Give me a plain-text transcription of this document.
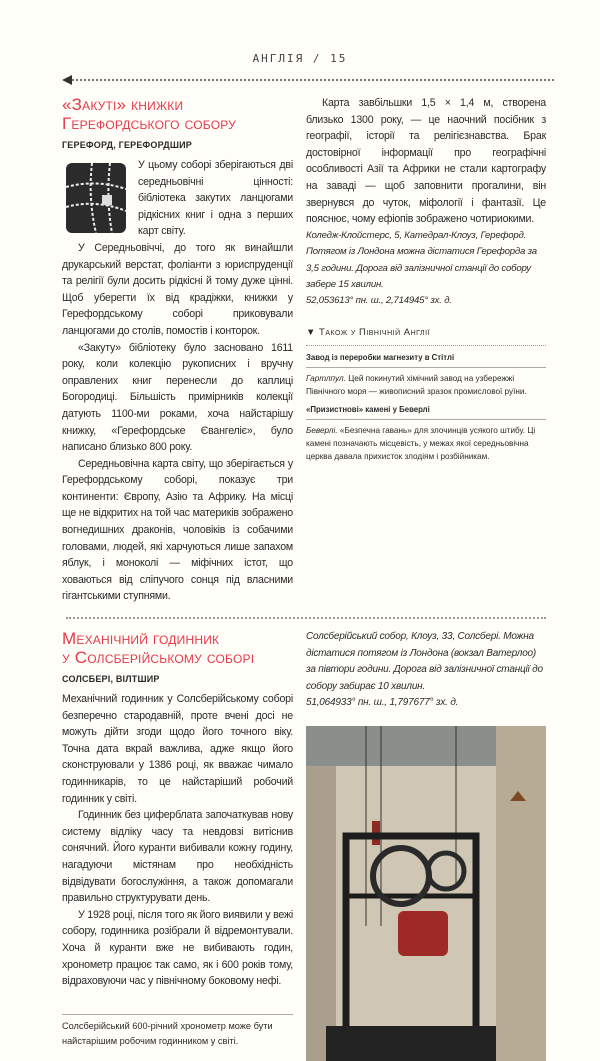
АНГЛІЯ / 15
«Закуті» книжки
Герефордського собору
ГЕРЕФОРД, ГЕРЕФОРДШИР

У цьому соборі зберігаються дві середньовічні цінності: бібліотека закутих ланцюгами рідкісних книг і одна з перших карт світу.

У Середньовіччі, до того як винайшли друкарський верстат, фоліанти з юриспруденції та релігії були досить рідкісні й тому дуже цінні. Щоб уберегти їх від крадіжки, книжки у Герефордському соборі приковували ланцюгами до столів, помостів і конторок.

«Закуту» бібліотеку було засновано 1611 року, коли колекцію рукописних і вручну оправлених книг перенесли до каплиці Богородиці. Більшість примірників колекції датують 1100-ми роками, хоча найстарішу книжку, «Герефордське Євангеліє», було написано близько 800 року.

Середньовічна карта світу, що зберігається у Герефордському соборі, показує три континенти: Європу, Азію та Африку. На місці ще не відкритих на той час материків зображено вогнедишних драконів, чоловіків із собачими головами, людей, які харчуються лише запахом яблук, і моноколі — міфічних істот, що ховаються від сліпучого сонця під власними гігантськими ступнями.

Карта завбільшки 1,5 × 1,4 м, створена близько 1300 року, — це наочний посібник з географії, історії та релігієзнавства. Брак достовірної інформації про географічні особливості Азії та Африки не стали картографу на заваді — щоб заповнити прогалини, він звернувся до чуток, міфології і фантазії. Це пояснює, чому ефіопів зображено чотириокими.

Коледж-Клойстерс, 5, Катедрал-Клоуз, Герефорд. Потягом із Лондона можна дістатися Герефорда за 3,5 години. Дорога від залізничної станції до собору забере 15 хвилин.
52,053613° пн. ш., 2,714945° зх. д.

▼ Також у Північній Англії
Завод із переробки магнезиту в Стітлі
Гартлпул. Цей покинутий хімічний завод на узбережжі Північного моря — живописний зразок промислової руїни.
«Призистнові» камені у Беверлі
Беверлі. «Безпечна гавань» для злочинців усякого штибу. Ці камені позначають місцевість, у межах якої середньовічна церква давала прихисток злодіям і розбійникам.
Механічний годинник
у Солсберійському соборі
СОЛСБЕРІ, ВІЛТШИР

Механічний годинник у Солсберійському соборі безперечно стародавній, проте вчені досі не можуть дійти згоди щодо його точного віку. Точна дата вкрай важлива, адже якщо його сконструювали у 1386 році, як вважає чимало годинникарів, то це найстаріший робочий годинник у світі.

Годинник без циферблата започаткував нову систему відліку часу та невдовзі витіснив сонячний. Його куранти вибивали кожну годину, нагадуючи містянам про необхідність відвідувати богослужіння, а також допомагали правильно структурувати день.

У 1928 році, після того як його виявили у вежі собору, годинника розібрали й відремонтували. Хоча й куранти вже не вибивають годин, хронометр працює так само, як і 600 років тому, відраховуючи час у північному боковому нефі.

Солсберійський 600-річний хронометр може бути найстарішим робочим годинником у світі.
Солсберійський собор, Клоуз, 33, Солсбері. Можна дістатися потягом із Лондона (вокзал Ватерлоо) за півтори години. Дорога від залізничної станції до собору забирає 10 хвилин.
51,064933° пн. ш., 1,797677° зх. д.
